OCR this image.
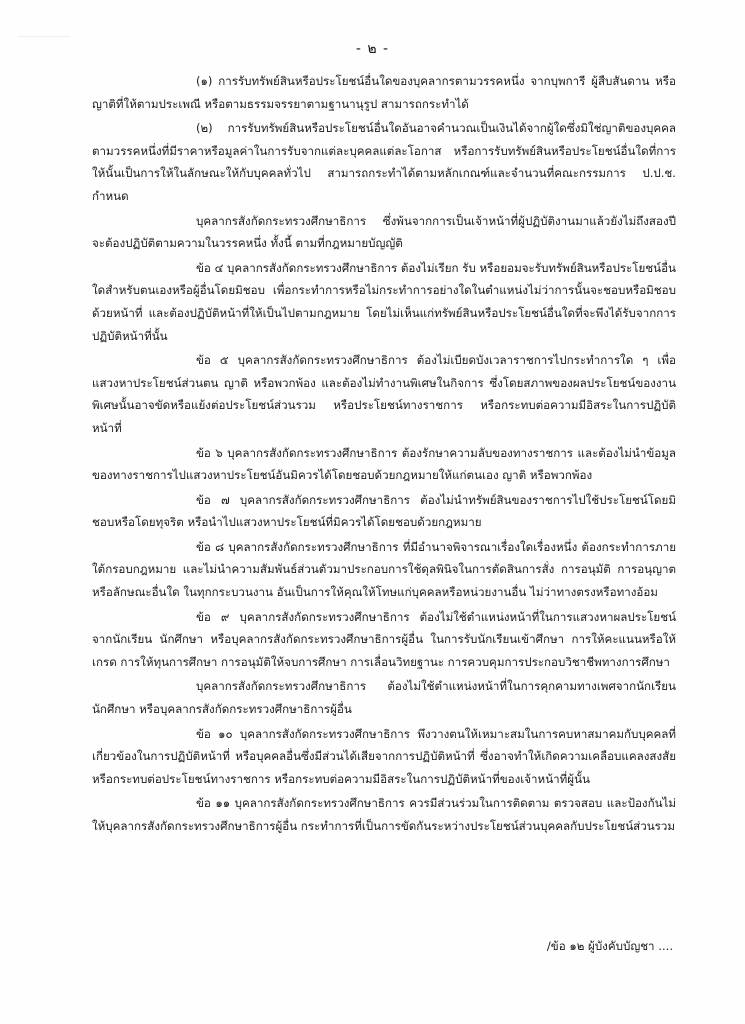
- ๒ -

(๑) การรับทรัพย์สินหรือประโยชน์อื่นใดของบุคลากรตามวรรคหนึ่ง จากบุพการี ผู้สืบสันดาน หรือญาติที่ให้ตามประเพณี หรือตามธรรมจรรยาตามฐานานุรูป สามารถกระทำได้

(๒) การรับทรัพย์สินหรือประโยชน์อื่นใดอันอาจคำนวณเป็นเงินได้จากผู้ใดซึ่งมิใช่ญาติของบุคคลตามวรรคหนึ่งที่มีราคาหรือมูลค่าในการรับจากแต่ละบุคคลแต่ละโอกาส หรือการรับทรัพย์สินหรือประโยชน์อื่นใดที่การให้นั้นเป็นการให้ในลักษณะให้กับบุคคลทั่วไป สามารถกระทำได้ตามหลักเกณฑ์และจำนวนที่คณะกรรมการ ป.ป.ช. กำหนด

บุคลากรสังกัดกระทรวงศึกษาธิการ ซึ่งพ้นจากการเป็นเจ้าหน้าที่ผู้ปฏิบัติงานมาแล้วยังไม่ถึงสองปี จะต้องปฏิบัติตามความในวรรคหนึ่ง ทั้งนี้ ตามที่กฎหมายบัญญัติ

ข้อ ๔ บุคลากรสังกัดกระทรวงศึกษาธิการ ต้องไม่เรียก รับ หรือยอมจะรับทรัพย์สินหรือประโยชน์อื่นใดสำหรับตนเองหรือผู้อื่นโดยมิชอบ เพื่อกระทำการหรือไม่กระทำการอย่างใดในตำแหน่งไม่ว่าการนั้นจะชอบหรือมิชอบด้วยหน้าที่ และต้องปฏิบัติหน้าที่ให้เป็นไปตามกฎหมาย โดยไม่เห็นแก่ทรัพย์สินหรือประโยชน์อื่นใดที่จะพึงได้รับจากการปฏิบัติหน้าที่นั้น

ข้อ ๕ บุคลากรสังกัดกระทรวงศึกษาธิการ ต้องไม่เบียดบังเวลาราชการไปกระทำการใด ๆ เพื่อแสวงหาประโยชน์ส่วนตน ญาติ หรือพวกพ้อง และต้องไม่ทำงานพิเศษในกิจการ ซึ่งโดยสภาพของผลประโยชน์ของงานพิเศษนั้นอาจขัดหรือแย้งต่อประโยชน์ส่วนรวม หรือประโยชน์ทางราชการ หรือกระทบต่อความมีอิสระในการปฏิบัติหน้าที่

ข้อ ๖ บุคลากรสังกัดกระทรวงศึกษาธิการ ต้องรักษาความลับของทางราชการ และต้องไม่นำข้อมูลของทางราชการไปแสวงหาประโยชน์อันมิควรได้โดยชอบด้วยกฎหมายให้แก่ตนเอง ญาติ หรือพวกพ้อง

ข้อ ๗ บุคลากรสังกัดกระทรวงศึกษาธิการ ต้องไม่นำทรัพย์สินของราชการไปใช้ประโยชน์โดยมิชอบหรือโดยทุจริต หรือนำไปแสวงหาประโยชน์ที่มิควรได้โดยชอบด้วยกฎหมาย

ข้อ ๘ บุคลากรสังกัดกระทรวงศึกษาธิการ ที่มีอำนาจพิจารณาเรื่องใดเรื่องหนึ่ง ต้องกระทำการภายใต้กรอบกฎหมาย และไม่นำความสัมพันธ์ส่วนตัวมาประกอบการใช้ดุลพินิจในการตัดสินการสั่ง การอนุมัติ การอนุญาต หรือลักษณะอื่นใด ในทุกกระบวนงาน อันเป็นการให้คุณให้โทษแก่บุคคลหรือหน่วยงานอื่น ไม่ว่าทางตรงหรือทางอ้อม

ข้อ ๙ บุคลากรสังกัดกระทรวงศึกษาธิการ ต้องไม่ใช้ตำแหน่งหน้าที่ในการแสวงหาผลประโยชน์จากนักเรียน นักศึกษา หรือบุคลากรสังกัดกระทรวงศึกษาธิการผู้อื่น ในการรับนักเรียนเข้าศึกษา การให้คะแนนหรือให้เกรด การให้ทุนการศึกษา การอนุมัติให้จบการศึกษา การเลื่อนวิทยฐานะ การควบคุมการประกอบวิชาชีพทางการศึกษา

บุคลากรสังกัดกระทรวงศึกษาธิการ ต้องไม่ใช้ตำแหน่งหน้าที่ในการคุกคามทางเพศจากนักเรียน นักศึกษา หรือบุคลากรสังกัดกระทรวงศึกษาธิการผู้อื่น

ข้อ ๑๐ บุคลากรสังกัดกระทรวงศึกษาธิการ พึงวางตนให้เหมาะสมในการคบหาสมาคมกับบุคคลที่เกี่ยวข้องในการปฏิบัติหน้าที่ หรือบุคคลอื่นซึ่งมีส่วนได้เสียจากการปฏิบัติหน้าที่ ซึ่งอาจทำให้เกิดความเคลือบแคลงสงสัย หรือกระทบต่อประโยชน์ทางราชการ หรือกระทบต่อความมีอิสระในการปฏิบัติหน้าที่ของเจ้าหน้าที่ผู้นั้น

ข้อ ๑๑ บุคลากรสังกัดกระทรวงศึกษาธิการ ควรมีส่วนร่วมในการติดตาม ตรวจสอบ และป้องกันไม่ให้บุคลากรสังกัดกระทรวงศึกษาธิการผู้อื่น กระทำการที่เป็นการขัดกันระหว่างประโยชน์ส่วนบุคคลกับประโยชน์ส่วนรวม

/ข้อ ๑๒ ผู้บังคับบัญชา ....
